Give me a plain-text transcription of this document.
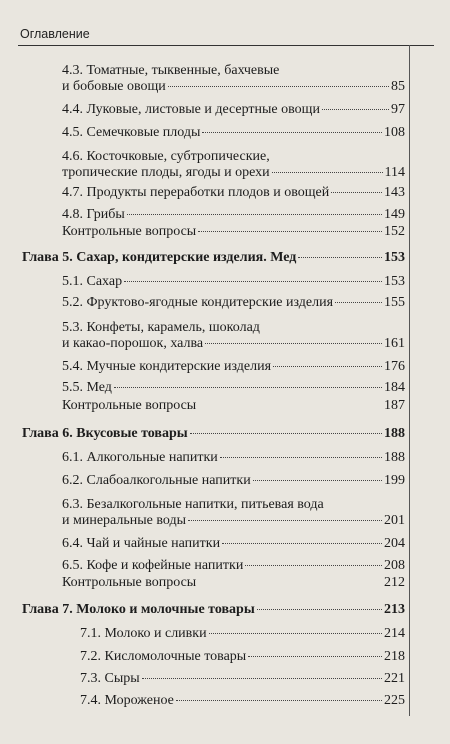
Оглавление
4.3. Томатные, тыквенные, бахчевые
и бобовые овощи	85
4.4. Луковые, листовые и десертные овощи	97
4.5. Семечковые плоды	108
4.6. Косточковые, субтропические,
тропические плоды, ягоды и орехи	114
4.7. Продукты переработки плодов и овощей	143
4.8. Грибы	149
Контрольные вопросы	152
Глава 5. Сахар, кондитерские изделия. Мед	153
5.1. Сахар	153
5.2. Фруктово-ягодные кондитерские изделия	155
5.3. Конфеты, карамель, шоколад
и какао-порошок, халва	161
5.4. Мучные кондитерские изделия	176
5.5. Мед	184
Контрольные вопросы	187
Глава 6. Вкусовые товары	188
6.1. Алкогольные напитки	188
6.2. Слабоалкогольные напитки	199
6.3. Безалкогольные напитки, питьевая вода
и минеральные воды	201
6.4. Чай и чайные напитки	204
6.5. Кофе и кофейные напитки	208
Контрольные вопросы	212
Глава 7. Молоко и молочные товары	213
7.1. Молоко и сливки	214
7.2. Кисломолочные товары	218
7.3. Сыры	221
7.4. Мороженое	225
